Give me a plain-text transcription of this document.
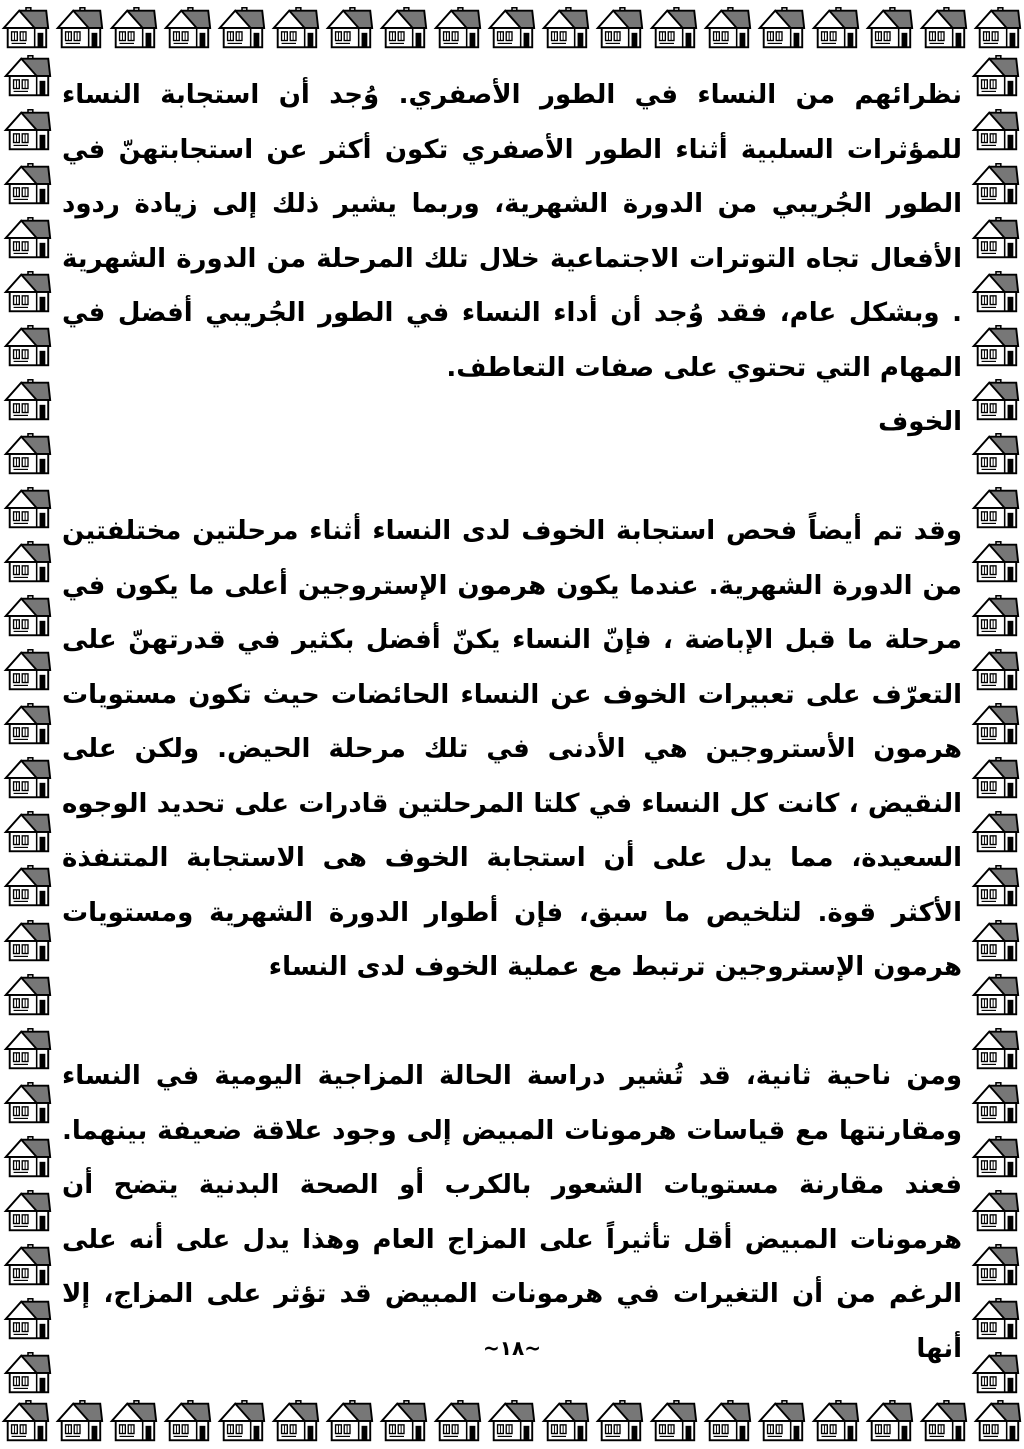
نظرائهم من النساء في الطور الأصفري. وُجد أن استجابة النساء للمؤثرات السلبية أثناء الطور الأصفري تكون أكثر عن استجابتهنّ في الطور الجُريبي من الدورة الشهرية، وربما يشير ذلك إلى زيادة ردود الأفعال تجاه التوترات الاجتماعية خلال تلك المرحلة من الدورة الشهرية . وبشكل عام، فقد وُجد أن أداء النساء في الطور الجُريبي أفضل في المهام التي تحتوي على صفات التعاطف.

الخوف

وقد تم أيضاً فحص استجابة الخوف لدى النساء أثناء مرحلتين مختلفتين من الدورة الشهرية. عندما يكون هرمون الإستروجين أعلى ما يكون في مرحلة ما قبل الإباضة ، فإنّ النساء يكنّ أفضل بكثير في قدرتهنّ على التعرّف على تعبيرات الخوف عن النساء الحائضات حيث تكون مستويات هرمون الأستروجين هي الأدنى في تلك مرحلة الحيض. ولكن على النقيض ، كانت كل النساء في كلتا المرحلتين قادرات على تحديد الوجوه السعيدة، مما يدل على أن استجابة الخوف هى الاستجابة المتنفذة الأكثر قوة. لتلخيص ما سبق، فإن أطوار الدورة الشهرية ومستويات هرمون الإستروجين ترتبط مع عملية الخوف لدى النساء

ومن ناحية ثانية، قد تُشير دراسة الحالة المزاجية اليومية في النساء ومقارنتها مع قياسات هرمونات المبيض إلى وجود علاقة ضعيفة بينهما. فعند مقارنة مستويات الشعور بالكرب أو الصحة البدنية يتضح أن هرمونات المبيض أقل تأثيراً على المزاج العام وهذا يدل على أنه على الرغم من أن التغيرات في هرمونات المبيض قد تؤثر على المزاج، إلا أنها

~١٨~
